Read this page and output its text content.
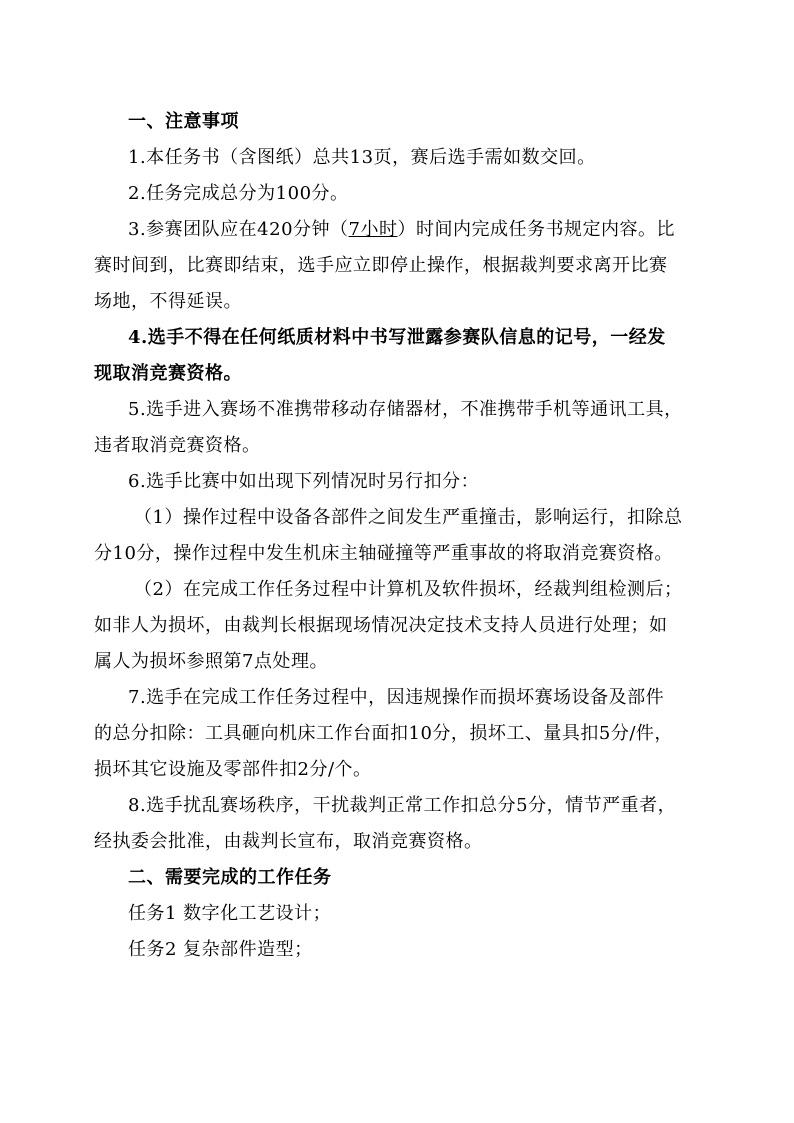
一、注意事项
1.本任务书（含图纸）总共13页，赛后选手需如数交回。
2.任务完成总分为100分。
3.参赛团队应在420分钟（7小时）时间内完成任务书规定内容。比
赛时间到，比赛即结束，选手应立即停止操作，根据裁判要求离开比赛
场地，不得延误。
4.选手不得在任何纸质材料中书写泄露参赛队信息的记号，一经发
现取消竞赛资格。
5.选手进入赛场不准携带移动存储器材，不准携带手机等通讯工具，
违者取消竞赛资格。
6.选手比赛中如出现下列情况时另行扣分：
（1）操作过程中设备各部件之间发生严重撞击，影响运行，扣除总
分10分，操作过程中发生机床主轴碰撞等严重事故的将取消竞赛资格。
（2）在完成工作任务过程中计算机及软件损坏，经裁判组检测后；
如非人为损坏，由裁判长根据现场情况决定技术支持人员进行处理；如
属人为损坏参照第7点处理。
7.选手在完成工作任务过程中，因违规操作而损坏赛场设备及部件
的总分扣除：工具砸向机床工作台面扣10分，损坏工、量具扣5分/件，
损坏其它设施及零部件扣2分/个。
8.选手扰乱赛场秩序，干扰裁判正常工作扣总分5分，情节严重者，
经执委会批准，由裁判长宣布，取消竞赛资格。
二、需要完成的工作任务
任务1 数字化工艺设计；
任务2 复杂部件造型；
